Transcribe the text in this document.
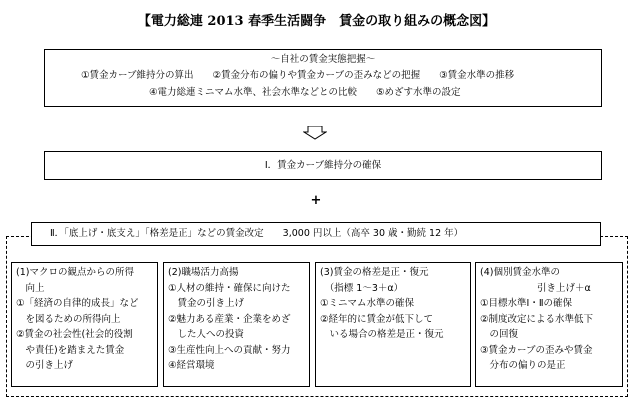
【電力総連 2013 春季生活闘争　賃金の取り組みの概念図】
～自社の賃金実態把握～
①賃金カーブ維持分の算出　　②賃金分布の偏りや賃金カーブの歪みなどの把握　　③賃金水準の推移
④電力総連ミニマム水準、社会水準などとの比較　　⑤めざす水準の設定
Ⅰ．賃金カーブ維持分の確保
+
Ⅱ．「底上げ・底支え」「格差是正」などの賃金改定　　3,000 円以上（高卒 30 歳・勤続 12 年）
(1)マクロの観点からの所得
　向上
①「経済の自律的成長」など
　を図るための所得向上
②賃金の社会性(社会的役割
　や責任)を踏まえた賃金
　の引き上げ
(2)職場活力高揚
①人材の維持・確保に向けた
　賃金の引き上げ
②魅力ある産業・企業をめざ
　した人への投資
③生産性向上への貢献・努力
④経営環境
(3)賃金の格差是正・復元
　（指標 1～3＋α）
①ミニマム水準の確保
②経年的に賃金が低下して
　いる場合の格差是正・復元
(4)個別賃金水準の
　　　　　　引き上げ＋α
①目標水準Ⅰ・Ⅱの確保
②制度改定による水準低下
　の回復
③賃金カーブの歪みや賃金
　分布の偏りの是正
